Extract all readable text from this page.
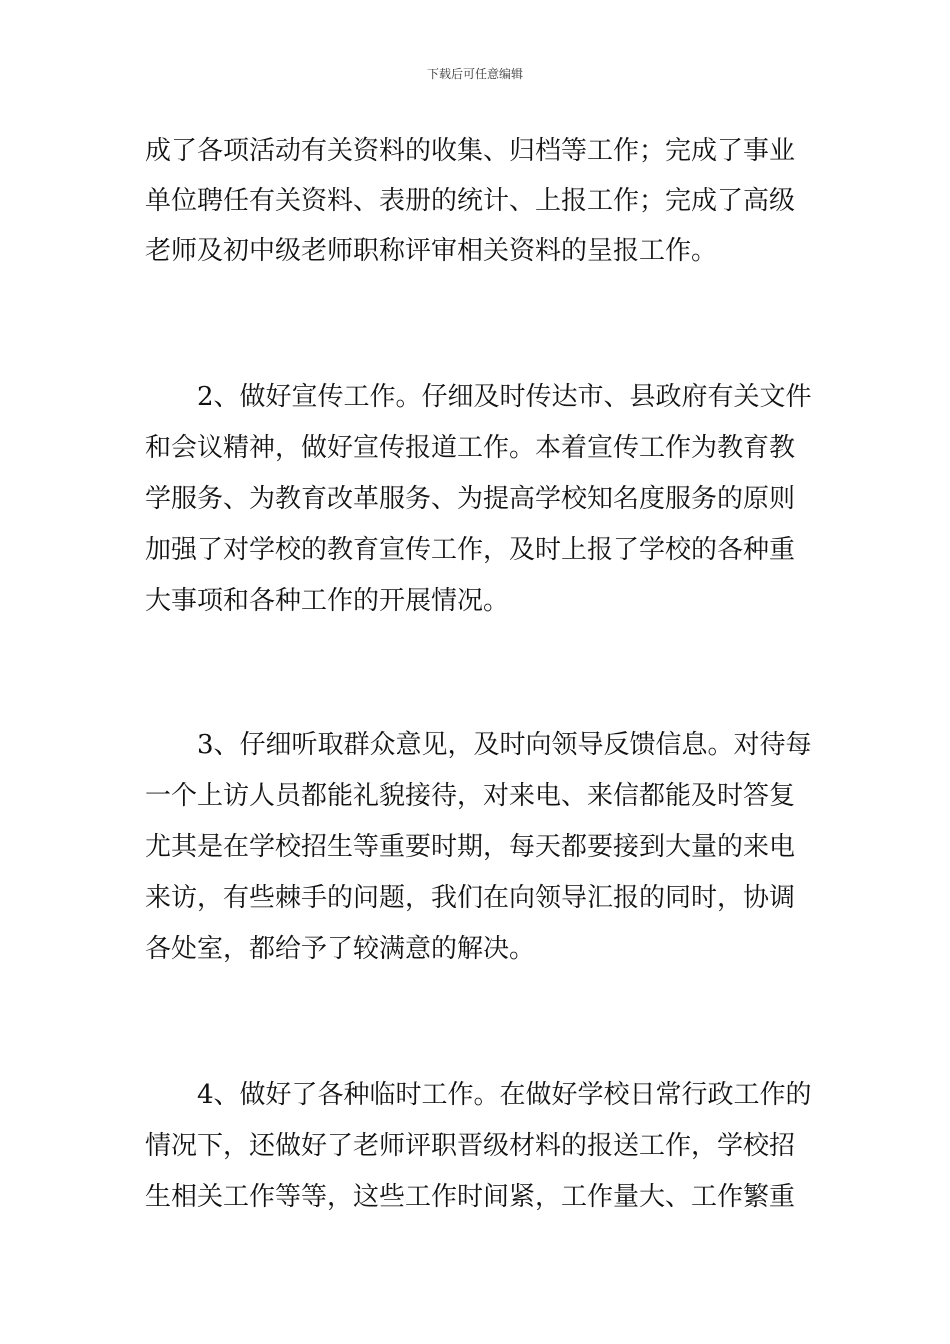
下载后可任意编辑
成了各项活动有关资料的收集、归档等工作；完成了事业
单位聘任有关资料、表册的统计、上报工作；完成了高级
老师及初中级老师职称评审相关资料的呈报工作。
　　2、做好宣传工作。仔细及时传达市、县政府有关文件
和会议精神，做好宣传报道工作。本着宣传工作为教育教
学服务、为教育改革服务、为提高学校知名度服务的原则
加强了对学校的教育宣传工作，及时上报了学校的各种重
大事项和各种工作的开展情况。
　　3、仔细听取群众意见，及时向领导反馈信息。对待每
一个上访人员都能礼貌接待，对来电、来信都能及时答复
尤其是在学校招生等重要时期，每天都要接到大量的来电
来访，有些棘手的问题，我们在向领导汇报的同时，协调
各处室，都给予了较满意的解决。
　　4、做好了各种临时工作。在做好学校日常行政工作的
情况下，还做好了老师评职晋级材料的报送工作，学校招
生相关工作等等，这些工作时间紧，工作量大、工作繁重
